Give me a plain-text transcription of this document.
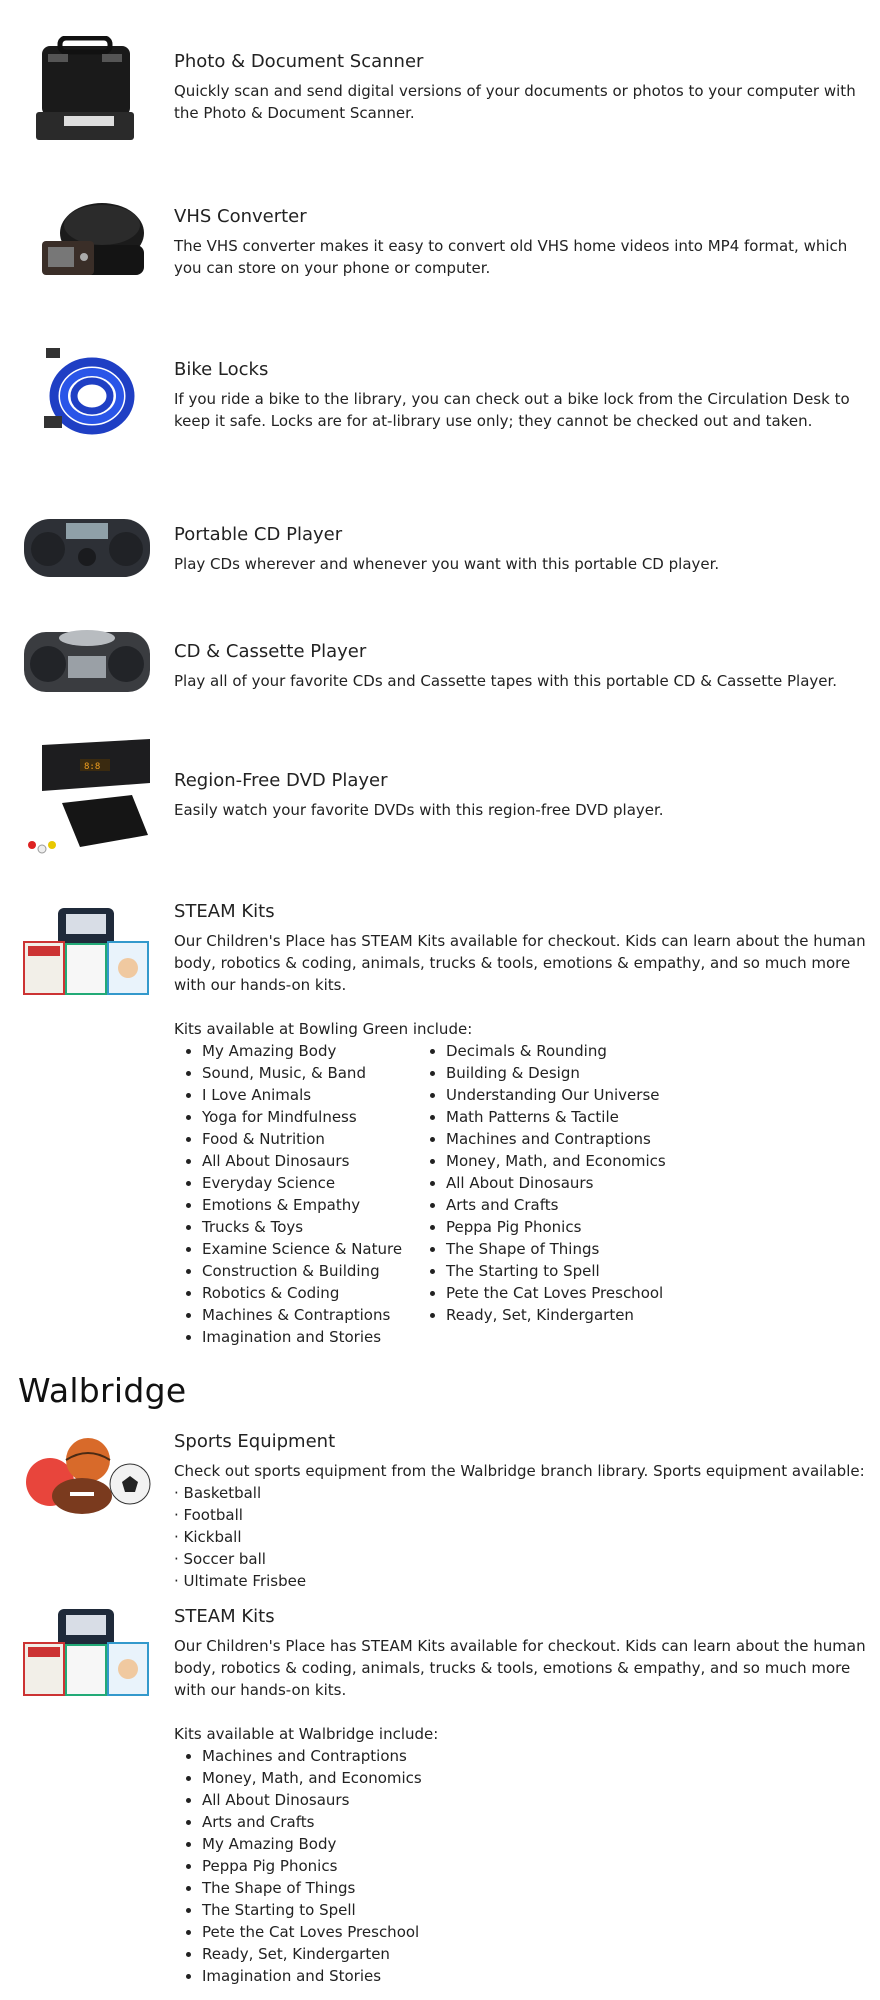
Photo & Document Scanner

Quickly scan and send digital versions of your documents or photos to your computer with the Photo & Document Scanner.

VHS Converter

The VHS converter makes it easy to convert old VHS home videos into MP4 format, which you can store on your phone or computer.

Bike Locks

If you ride a bike to the library, you can check out a bike lock from the Circulation Desk to keep it safe. Locks are for at-library use only; they cannot be checked out and taken.

Portable CD Player

Play CDs wherever and whenever you want with this portable CD player.

CD & Cassette Player

Play all of your favorite CDs and Cassette tapes with this portable CD & Cassette Player.

8:8
Region-Free DVD Player

Easily watch your favorite DVDs with this region-free DVD player.

STEAM Kits

Our Children's Place has STEAM Kits available for checkout. Kids can learn about the human body, robotics & coding, animals, trucks & tools, emotions & empathy, and so much more with our hands-on kits.

Kits available at Bowling Green include:

• My Amazing Body
• Sound, Music, & Band
• I Love Animals
• Yoga for Mindfulness
• Food & Nutrition
• All About Dinosaurs
• Everyday Science
• Emotions & Empathy
• Trucks & Toys
• Examine Science & Nature
• Construction & Building
• Robotics & Coding
• Machines & Contraptions
• Imagination and Stories
• Decimals & Rounding
• Building & Design
• Understanding Our Universe
• Math Patterns & Tactile
• Machines and Contraptions
• Money, Math, and Economics
• All About Dinosaurs
• Arts and Crafts
• Peppa Pig Phonics
• The Shape of Things
• The Starting to Spell
• Pete the Cat Loves Preschool
• Ready, Set, Kindergarten
Walbridge
Sports Equipment

Check out sports equipment from the Walbridge branch library. Sports equipment available:

· Basketball
· Football
· Kickball
· Soccer ball
· Ultimate Frisbee
STEAM Kits

Our Children's Place has STEAM Kits available for checkout. Kids can learn about the human body, robotics & coding, animals, trucks & tools, emotions & empathy, and so much more with our hands-on kits.

Kits available at Walbridge include:

• Machines and Contraptions
• Money, Math, and Economics
• All About Dinosaurs
• Arts and Crafts
• My Amazing Body
• Peppa Pig Phonics
• The Shape of Things
• The Starting to Spell
• Pete the Cat Loves Preschool
• Ready, Set, Kindergarten
• Imagination and Stories
